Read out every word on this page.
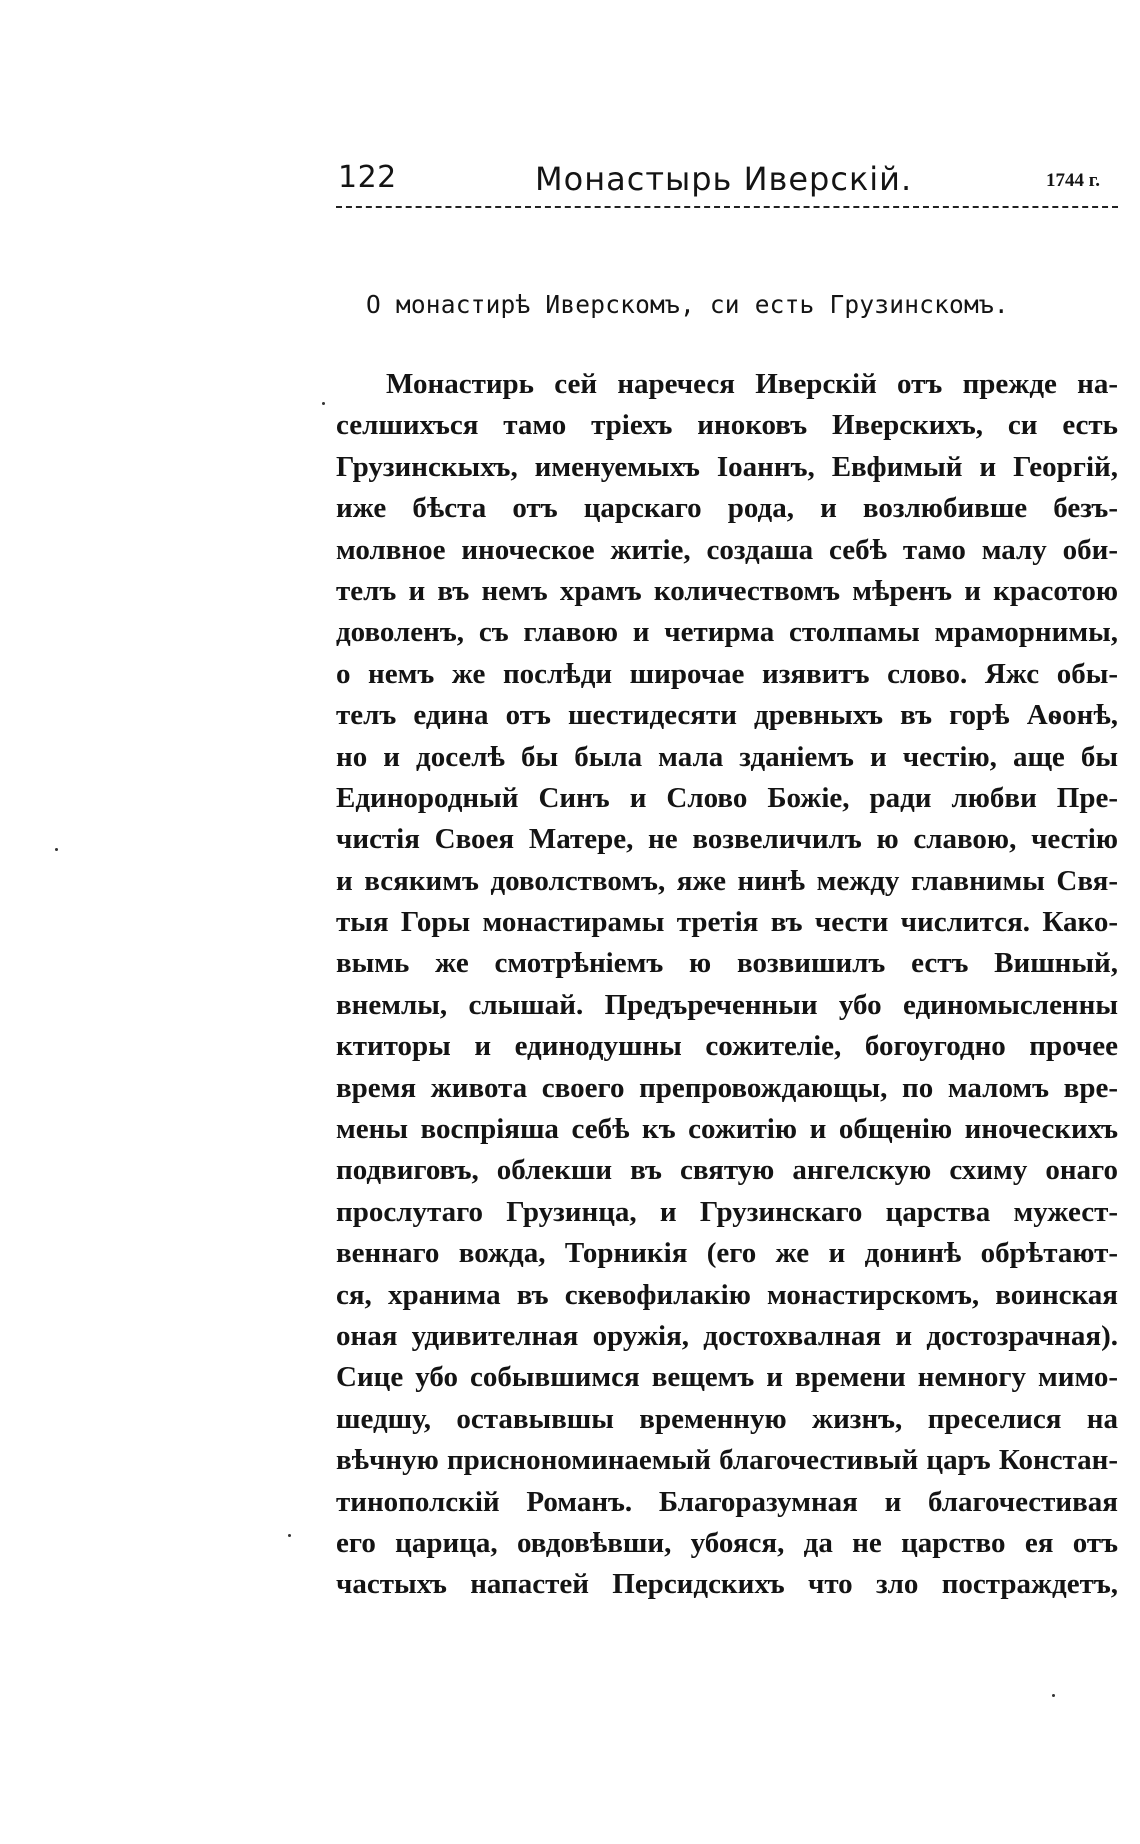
122	Монастырь Иверскій.	1744 г.
О монастирѣ Иверскомъ, си есть Грузинскомъ.
Монастирь сей наречеся Иверскій отъ прежде на-
селшихъся тамо тріехъ иноковъ Иверскихъ, си есть
Грузинскыхъ, именуемыхъ Іоаннъ, Евфимый и Георгій,
иже бѣста отъ царскаго рода, и возлюбивше безъ-
молвное иноческое житіе, создаша себѣ тамо малу оби-
телъ и въ немъ храмъ количествомъ мѣренъ и красотою
доволенъ, съ главою и четирма столпамы мраморнимы,
о немъ же послѣди широчае изявитъ слово. Яжс обы-
телъ едина отъ шестидесяти древныхъ въ горѣ Аѳонѣ,
но и доселѣ бы была мала зданіемъ и честію, аще бы
Единородный Синъ и Слово Божіе, ради любви Пре-
чистія Своея Матере, не возвеличилъ ю славою, честію
и всякимъ доволствомъ, яже нинѣ между главнимы Свя-
тыя Горы монастирамы третія въ чести числится. Како-
вымь же смотрѣніемъ ю возвишилъ естъ Вишный,
внемлы, слышай. Предъреченныи убо единомысленны
ктиторы и единодушны сожителіе, богоугодно прочее
время живота своего препровождающы, по маломъ вре-
мены воспріяша себѣ къ сожитію и общенію иноческихъ
подвиговъ, облекши въ святую ангелскую схиму онаго
прослутаго Грузинца, и Грузинскаго царства мужест-
веннаго вожда, Торникія (его же и донинѣ обрѣтают-
ся, хранима въ скевофилакію монастирскомъ, воинская
оная удивителная оружія, достохвалная и достозрачная).
Сице убо собывшимся вещемъ и времени немногу мимо-
шедшу, оставывшы временную жизнъ, преселися на
вѣчную приснономинаемый благочестивый царъ Констан-
тинополскій Романъ. Благоразумная и благочестивая
его царица, овдовѣвши, убояся, да не царство ея отъ
частыхъ напастей Персидскихъ что зло постраждетъ,
